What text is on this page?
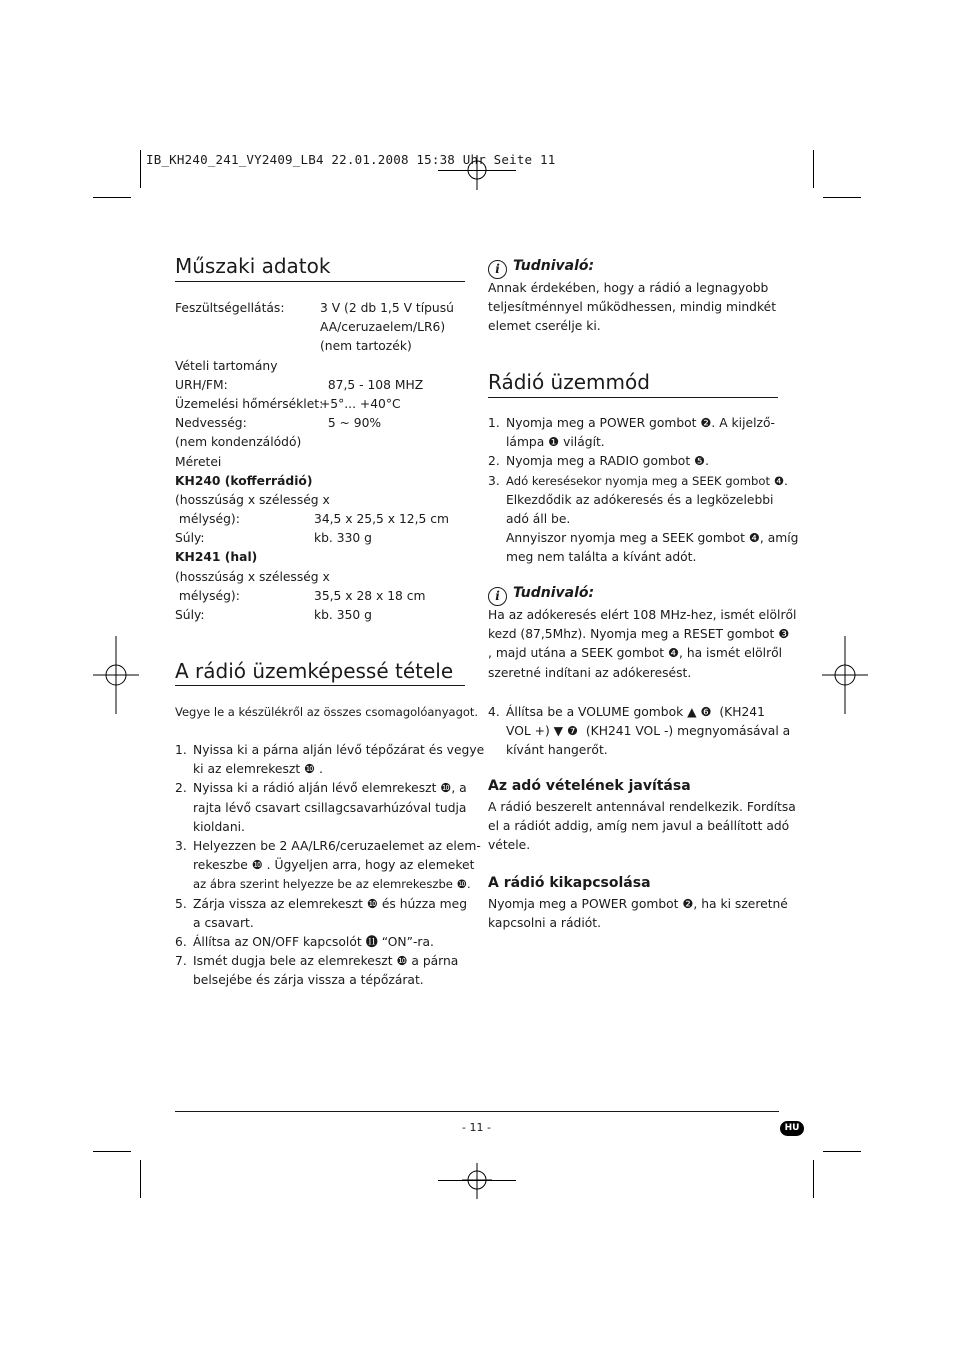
IB_KH240_241_VY2409_LB4 22.01.2008 15:38 Uhr Seite 11
Műszaki adatok
Feszültségellátás:	3 V (2 db 1,5 V típusú
AA/ceruzaelem/LR6)
(nem tartozék)
Vételi tartomány
URH/FM:	87,5 - 108 MHZ
Üzemelési hőmérséklet:
+5°... +40°C
Nedvesség:	5 ~ 90%
(nem kondenzálódó)
Méretei
KH240 (kofferrádió)
(hosszúság x szélesség x
mélység):	34,5 x 25,5 x 12,5 cm
Súly:	kb. 330 g
KH241 (hal)
(hosszúság x szélesség x
mélység):	35,5 x 28 x 18 cm
Súly:	kb. 350 g
A rádió üzemképessé tétele
Vegye le a készülékről az összes csomagolóanyagot.
1. Nyissa ki a párna alján lévő tépőzárat és vegye
ki az elemrekeszt ❿ .
2. Nyissa ki a rádió alján lévő elemrekeszt ❿, a
rajta lévő csavart csillagcsavarhúzóval tudja
kioldani.
3. Helyezzen be 2 AA/LR6/ceruzaelemet az elem-
rekeszbe ❿ . Ügyeljen arra, hogy az elemeket
az ábra szerint helyezze be az elemrekeszbe ❿.
5. Zárja vissza az elemrekeszt ❿ és húzza meg
a csavart.
6. Állítsa az ON/OFF kapcsolót ⓫ “ON”-ra.
7. Ismét dugja bele az elemrekeszt ❿ a párna
belsejébe és zárja vissza a tépőzárat.
i Tudnivaló:
Annak érdekében, hogy a rádió a legnagyobb
teljesítménnyel működhessen, mindig mindkét
elemet cserélje ki.
Rádió üzemmód
1. Nyomja meg a POWER gombot ❷. A kijelző-
lámpa ❶ világít.
2. Nyomja meg a RADIO gombot ❺.
3. Adó keresésekor nyomja meg a SEEK gombot ❹.
Elkezdődik az adókeresés és a legközelebbi
adó áll be.
Annyiszor nyomja meg a SEEK gombot ❹, amíg
meg nem találta a kívánt adót.
i Tudnivaló:
Ha az adókeresés elért 108 MHz-hez, ismét elölről
kezd (87,5Mhz). Nyomja meg a RESET gombot ❸
, majd utána a SEEK gombot ❹, ha ismét elölről
szeretné indítani az adókeresést.
4. Állítsa be a VOLUME gombok ▲ ❻  (KH241
VOL +) ▼ ❼  (KH241 VOL -) megnyomásával a
kívánt hangerőt.
Az adó vételének javítása
A rádió beszerelt antennával rendelkezik. Fordítsa
el a rádiót addig, amíg nem javul a beállított adó
vétele.
A rádió kikapcsolása
Nyomja meg a POWER gombot ❷, ha ki szeretné
kapcsolni a rádiót.
- 11 -	HU
